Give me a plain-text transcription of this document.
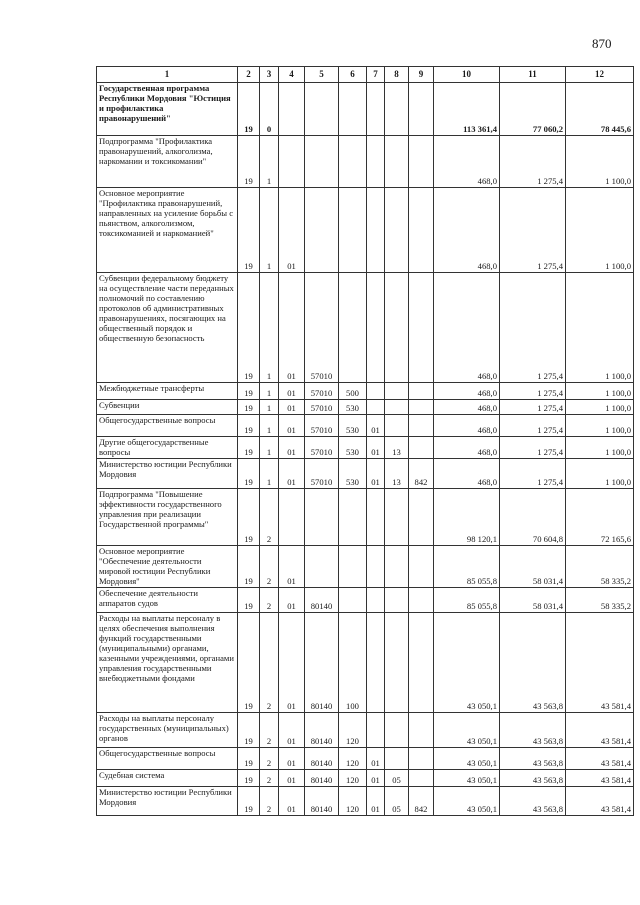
870
1	2	3	4	5	6	7	8	9	10	11	12
Государственная программа Республики Мордовия "Юстиция и профилактика правонарушений"	19	0							113 361,4	77 060,2	78 445,6
Подпрограмма "Профилактика правонарушений, алкоголизма, наркомании и токсикомании"	19	1							468,0	1 275,4	1 100,0
Основное мероприятие "Профилактика правонарушений, направленных на усиление борьбы с пьянством, алкоголизмом, токсикоманией и наркоманией"	19	1	01						468,0	1 275,4	1 100,0
Субвенции федеральному бюджету на осуществление части переданных полномочий по составлению протоколов об административных правонарушениях, посягающих на общественный порядок и общественную безопасность	19	1	01	57010					468,0	1 275,4	1 100,0
Межбюджетные трансферты	19	1	01	57010	500				468,0	1 275,4	1 100,0
Субвенции	19	1	01	57010	530				468,0	1 275,4	1 100,0
Общегосударственные вопросы	19	1	01	57010	530	01			468,0	1 275,4	1 100,0
Другие общегосударственные вопросы	19	1	01	57010	530	01	13		468,0	1 275,4	1 100,0
Министерство юстиции Республики Мордовия	19	1	01	57010	530	01	13	842	468,0	1 275,4	1 100,0
Подпрограмма "Повышение эффективности государственного управления при реализации Государственной программы"	19	2							98 120,1	70 604,8	72 165,6
Основное мероприятие "Обеспечение деятельности мировой юстиции Республики Мордовия"	19	2	01						85 055,8	58 031,4	58 335,2
Обеспечение деятельности аппаратов судов	19	2	01	80140					85 055,8	58 031,4	58 335,2
Расходы на выплаты персоналу в целях обеспечения выполнения функций государственными (муниципальными) органами, казенными учреждениями, органами управления государственными внебюджетными фондами	19	2	01	80140	100				43 050,1	43 563,8	43 581,4
Расходы на выплаты персоналу государственных (муниципальных) органов	19	2	01	80140	120				43 050,1	43 563,8	43 581,4
Общегосударственные вопросы	19	2	01	80140	120	01			43 050,1	43 563,8	43 581,4
Судебная система	19	2	01	80140	120	01	05		43 050,1	43 563,8	43 581,4
Министерство юстиции Республики Мордовия	19	2	01	80140	120	01	05	842	43 050,1	43 563,8	43 581,4
